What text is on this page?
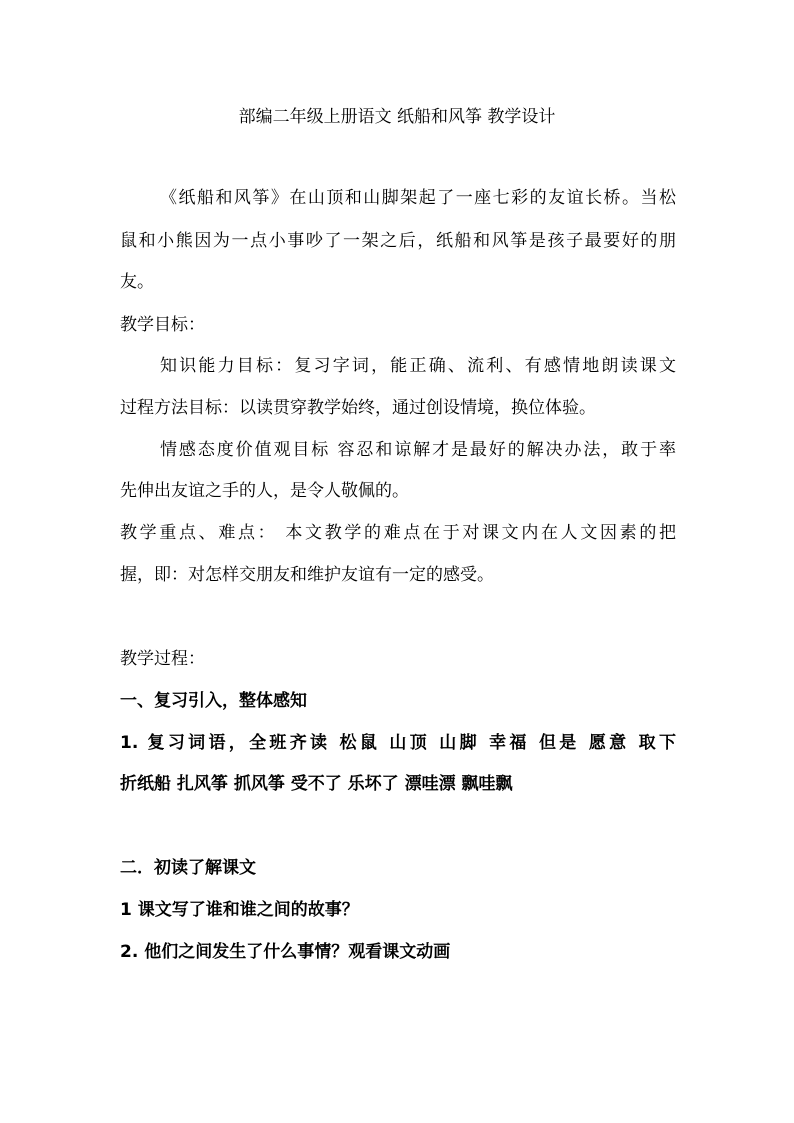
部编二年级上册语文 纸船和风筝 教学设计
《纸船和风筝》在山顶和山脚架起了一座七彩的友谊长桥。当松
鼠和小熊因为一点小事吵了一架之后，纸船和风筝是孩子最要好的朋
友。
教学目标：
知识能力目标：复习字词，能正确、流利、有感情地朗读课文
过程方法目标：以读贯穿教学始终，通过创设情境，换位体验。
情感态度价值观目标 容忍和谅解才是最好的解决办法，敢于率
先伸出友谊之手的人，是令人敬佩的。
教学重点、难点： 本文教学的难点在于对课文内在人文因素的把
握，即：对怎样交朋友和维护友谊有一定的感受。
教学过程：
一、复习引入，整体感知
1. 复习词语，全班齐读 松鼠 山顶 山脚 幸福 但是 愿意 取下
折纸船 扎风筝 抓风筝 受不了 乐坏了 漂哇漂 飘哇飘
二．初读了解课文
1 课文写了谁和谁之间的故事？
2. 他们之间发生了什么事情？观看课文动画
